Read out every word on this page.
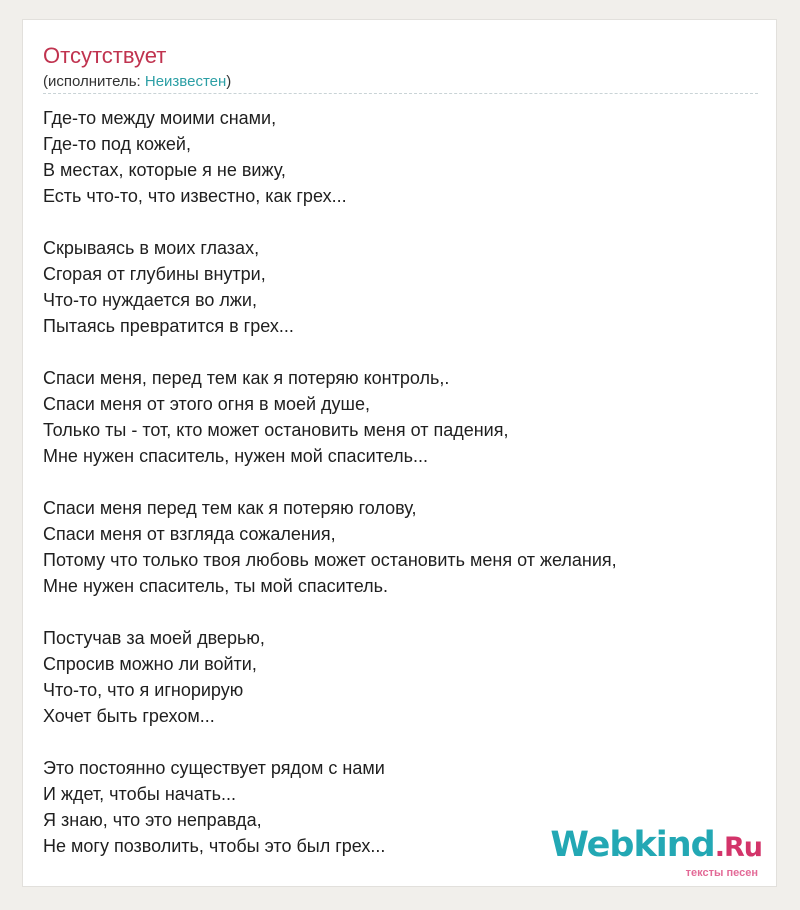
Отсутствует
(исполнитель: Неизвестен)
Где-то между моими снами,
Где-то под кожей,
В местах, которые я не вижу,
Есть что-то, что известно, как грех...
Скрываясь в моих глазах,
Сгорая от глубины внутри,
Что-то нуждается во лжи,
Пытаясь превратится в грех...
Спаси меня, перед тем как я потеряю контроль,.
Спаси меня от этого огня в моей душе,
Только ты - тот, кто может остановить меня от падения,
Мне нужен спаситель, нужен мой спаситель...
Спаси меня перед тем как я потеряю голову,
Спаси меня от взгляда сожаления,
Потому что только твоя любовь может остановить меня от желания,
Мне нужен спаситель, ты мой спаситель.
Постучав за моей дверью,
Спросив можно ли войти,
Что-то, что я игнорирую
Хочет быть грехом...
Это постоянно существует рядом с нами
И ждет, чтобы начать...
Я знаю, что это неправда,
Не могу позволить, чтобы это был грех...	Webkind.Ru
тексты песен
